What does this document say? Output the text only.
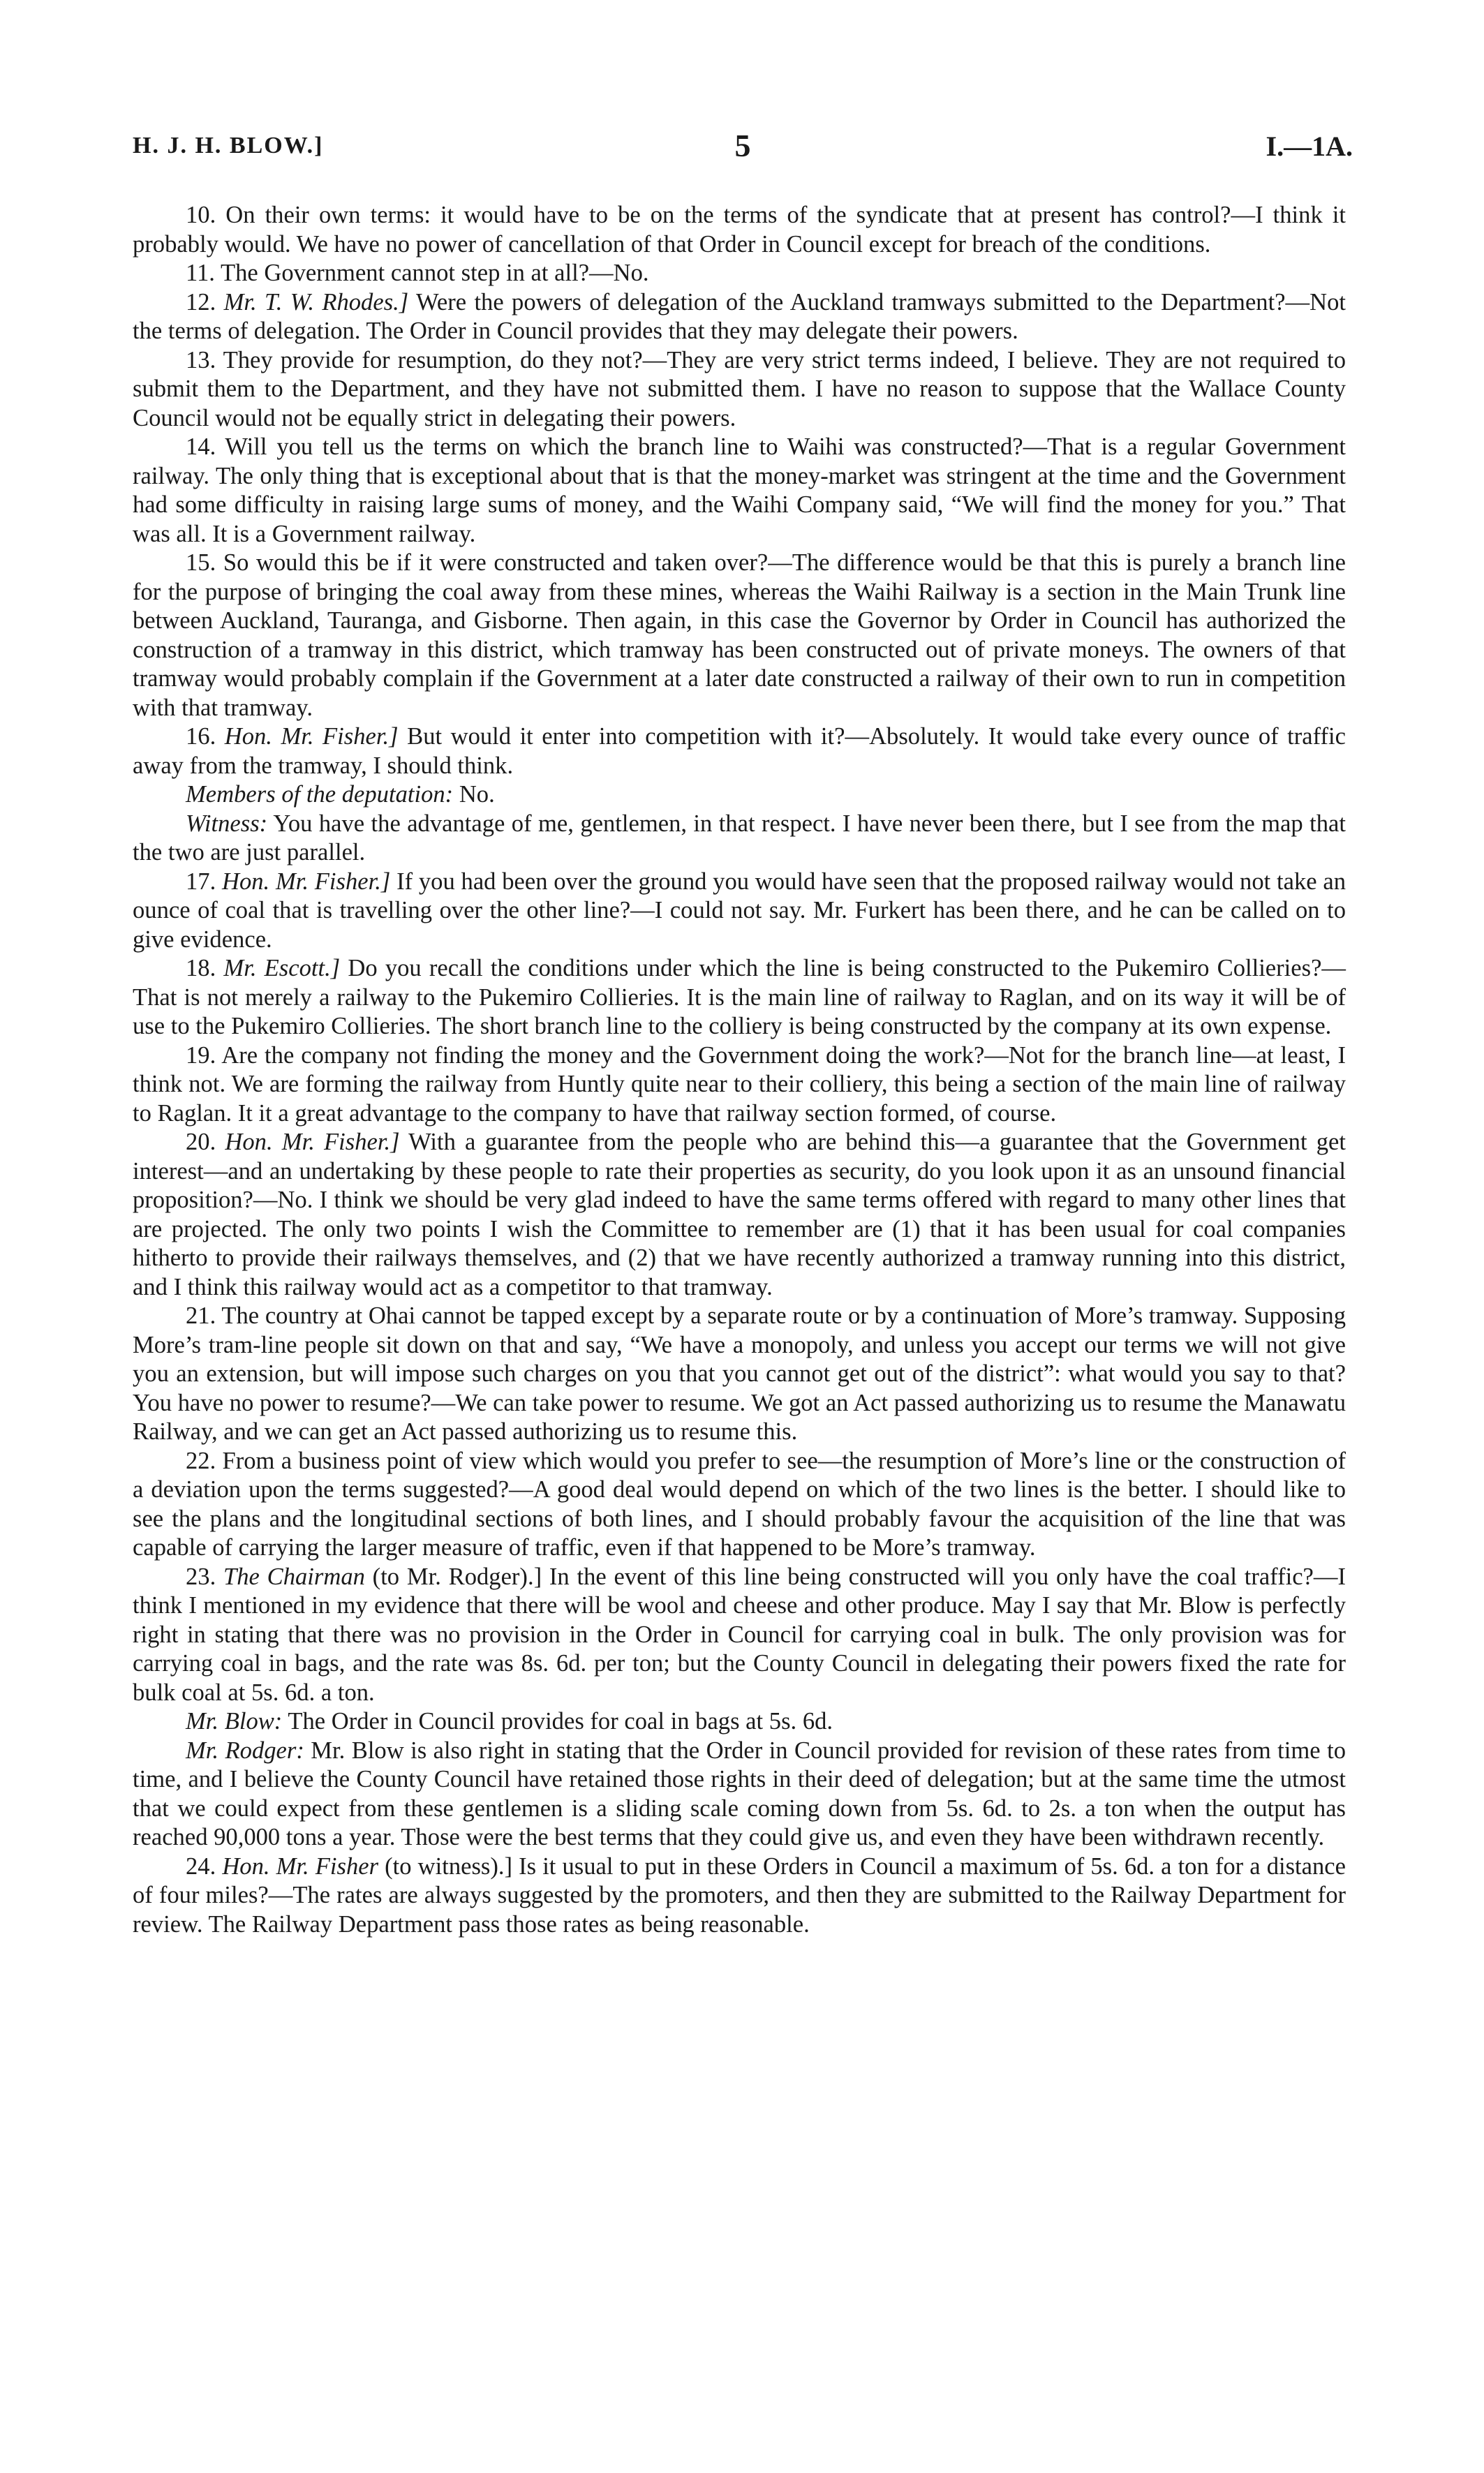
H. J. H. BLOW.]	5	I.—1A.

10. On their own terms: it would have to be on the terms of the syndicate that at present has control?—I think it probably would. We have no power of cancellation of that Order in Council except for breach of the conditions.

11. The Government cannot step in at all?—No.

12. Mr. T. W. Rhodes.] Were the powers of delegation of the Auckland tramways submitted to the Department?—Not the terms of delegation. The Order in Council provides that they may delegate their powers.

13. They provide for resumption, do they not?—They are very strict terms indeed, I believe. They are not required to submit them to the Department, and they have not submitted them. I have no reason to suppose that the Wallace County Council would not be equally strict in delegating their powers.

14. Will you tell us the terms on which the branch line to Waihi was constructed?—That is a regular Government railway. The only thing that is exceptional about that is that the money-market was stringent at the time and the Government had some difficulty in raising large sums of money, and the Waihi Company said, “We will find the money for you.” That was all. It is a Government railway.

15. So would this be if it were constructed and taken over?—The difference would be that this is purely a branch line for the purpose of bringing the coal away from these mines, whereas the Waihi Railway is a section in the Main Trunk line between Auckland, Tauranga, and Gisborne. Then again, in this case the Governor by Order in Council has authorized the construction of a tramway in this district, which tramway has been constructed out of private moneys. The owners of that tramway would probably complain if the Government at a later date constructed a railway of their own to run in competition with that tramway.

16. Hon. Mr. Fisher.] But would it enter into competition with it?—Absolutely. It would take every ounce of traffic away from the tramway, I should think.

Members of the deputation: No.

Witness: You have the advantage of me, gentlemen, in that respect. I have never been there, but I see from the map that the two are just parallel.

17. Hon. Mr. Fisher.] If you had been over the ground you would have seen that the proposed railway would not take an ounce of coal that is travelling over the other line?—I could not say. Mr. Furkert has been there, and he can be called on to give evidence.

18. Mr. Escott.] Do you recall the conditions under which the line is being constructed to the Pukemiro Collieries?—That is not merely a railway to the Pukemiro Collieries. It is the main line of railway to Raglan, and on its way it will be of use to the Pukemiro Collieries. The short branch line to the colliery is being constructed by the company at its own expense.

19. Are the company not finding the money and the Government doing the work?—Not for the branch line—at least, I think not. We are forming the railway from Huntly quite near to their colliery, this being a section of the main line of railway to Raglan. It it a great advantage to the company to have that railway section formed, of course.

20. Hon. Mr. Fisher.] With a guarantee from the people who are behind this—a guarantee that the Government get interest—and an undertaking by these people to rate their properties as security, do you look upon it as an unsound financial proposition?—No. I think we should be very glad indeed to have the same terms offered with regard to many other lines that are projected. The only two points I wish the Committee to remember are (1) that it has been usual for coal companies hitherto to provide their railways themselves, and (2) that we have recently authorized a tramway running into this district, and I think this railway would act as a competitor to that tramway.

21. The country at Ohai cannot be tapped except by a separate route or by a continuation of More’s tramway. Supposing More’s tram-line people sit down on that and say, “We have a monopoly, and unless you accept our terms we will not give you an extension, but will impose such charges on you that you cannot get out of the district”: what would you say to that? You have no power to resume?—We can take power to resume. We got an Act passed authorizing us to resume the Manawatu Railway, and we can get an Act passed authorizing us to resume this.

22. From a business point of view which would you prefer to see—the resumption of More’s line or the construction of a deviation upon the terms suggested?—A good deal would depend on which of the two lines is the better. I should like to see the plans and the longitudinal sections of both lines, and I should probably favour the acquisition of the line that was capable of carrying the larger measure of traffic, even if that happened to be More’s tramway.

23. The Chairman (to Mr. Rodger).] In the event of this line being constructed will you only have the coal traffic?—I think I mentioned in my evidence that there will be wool and cheese and other produce. May I say that Mr. Blow is perfectly right in stating that there was no provision in the Order in Council for carrying coal in bulk. The only provision was for carrying coal in bags, and the rate was 8s. 6d. per ton; but the County Council in delegating their powers fixed the rate for bulk coal at 5s. 6d. a ton.

Mr. Blow: The Order in Council provides for coal in bags at 5s. 6d.

Mr. Rodger: Mr. Blow is also right in stating that the Order in Council provided for revision of these rates from time to time, and I believe the County Council have retained those rights in their deed of delegation; but at the same time the utmost that we could expect from these gentlemen is a sliding scale coming down from 5s. 6d. to 2s. a ton when the output has reached 90,000 tons a year. Those were the best terms that they could give us, and even they have been withdrawn recently.

24. Hon. Mr. Fisher (to witness).] Is it usual to put in these Orders in Council a maximum of 5s. 6d. a ton for a distance of four miles?—The rates are always suggested by the promoters, and then they are submitted to the Railway Department for review. The Railway Department pass those rates as being reasonable.
